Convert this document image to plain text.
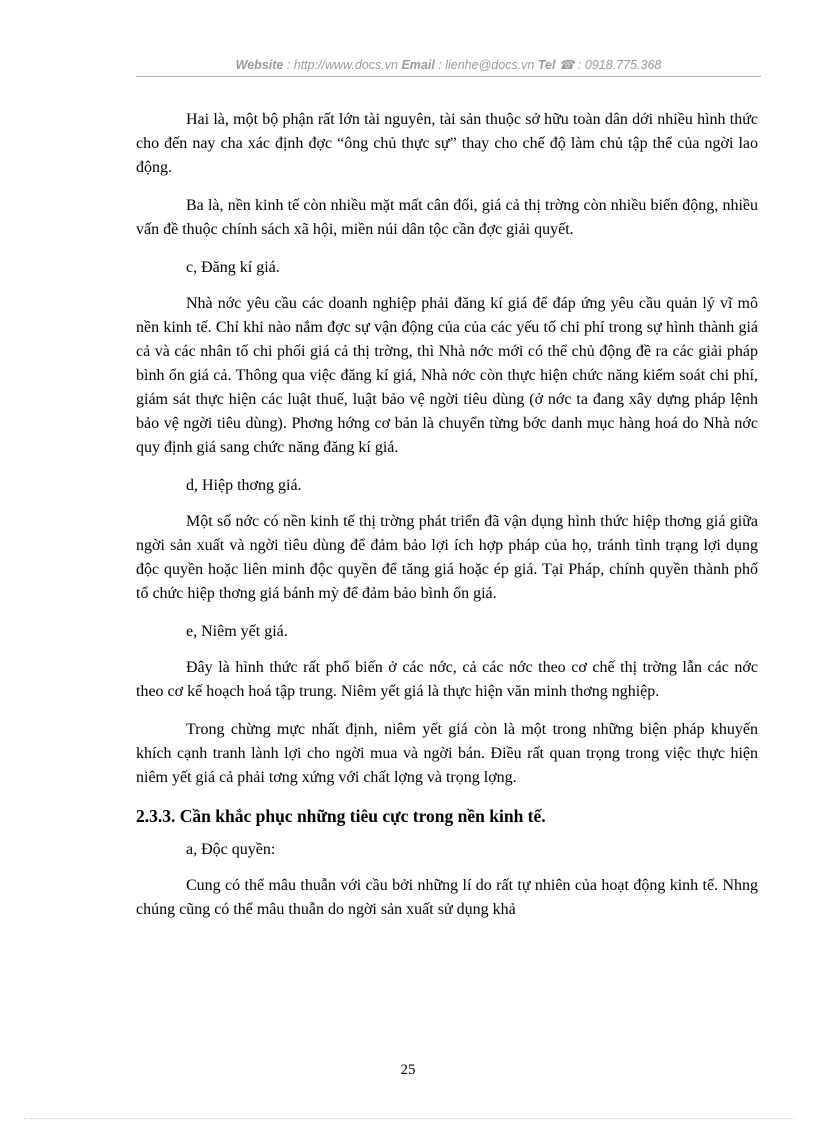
Website : http://www.docs.vn Email : lienhe@docs.vn Tel ☎ : 0918.775.368

Hai là, một bộ phận rất lớn tài nguyên, tài sản thuộc sở hữu toàn dân dới nhiều hình thức cho đến nay cha xác định đợc “ông chủ thực sự” thay cho chế độ làm chủ tập thể của ngời lao động.

Ba là, nền kinh tế còn nhiều mặt mất cân đối, giá cả thị trờng còn nhiều biến động, nhiều vấn đề thuộc chính sách xã hội, miền núi dân tộc cần đợc giải quyết.

c, Đăng kí giá.

Nhà nớc yêu cầu các doanh nghiệp phải đăng kí giá để đáp ứng yêu cầu quản lý vĩ mô nền kinh tế. Chỉ khi nào nắm đợc sự vận động của của các yếu tố chi phí trong sự hình thành giá cả và các nhân tố chi phối giá cả thị trờng, thì Nhà nớc mới có thể chủ động đề ra các giải pháp bình ổn giá cả. Thông qua việc đăng kí giá, Nhà nớc còn thực hiện chức năng kiểm soát chi phí, giám sát thực hiện các luật thuế, luật bảo vệ ngời tiêu dùng (ở nớc ta đang xây dựng pháp lệnh bảo vệ ngời tiêu dùng). Phơng hớng cơ bản là chuyển từng bớc danh mục hàng hoá do Nhà nớc quy định giá sang chức năng đăng kí giá.

d, Hiệp thơng giá.

Một số nớc có nền kinh tế thị trờng phát triển đã vận dụng hình thức hiệp thơng giá giữa ngời sản xuất và ngời tiêu dùng để đảm bảo lợi ích hợp pháp của họ, tránh tình trạng lợi dụng độc quyền hoặc liên minh độc quyền để tăng giá hoặc ép giá. Tại Pháp, chính quyền thành phố tổ chức hiệp thơng giá bánh mỳ để đảm bảo bình ổn giá.

e, Niêm yết giá.

Đây là hình thức rất phổ biến ở các nớc, cả các nớc theo cơ chế thị trờng lẫn các nớc theo cơ kế hoạch hoá tập trung. Niêm yết giá là thực hiện văn minh thơng nghiệp.

Trong chừng mực nhất định, niêm yết giá còn là một trong những biện pháp khuyến khích cạnh tranh lành lợi cho ngời mua và ngời bán. Điều rất quan trọng trong việc thực hiện niêm yết giá cả phải tơng xứng với chất lợng và trọng lợng.

2.3.3. Cần khắc phục những tiêu cực trong nền kinh tế.

a, Độc quyền:

Cung có thể mâu thuẫn với cầu bởi những lí do rất tự nhiên của hoạt động kinh tế. Nhng chúng cũng có thể mâu thuẫn do ngời sản xuất sử dụng khả

25
